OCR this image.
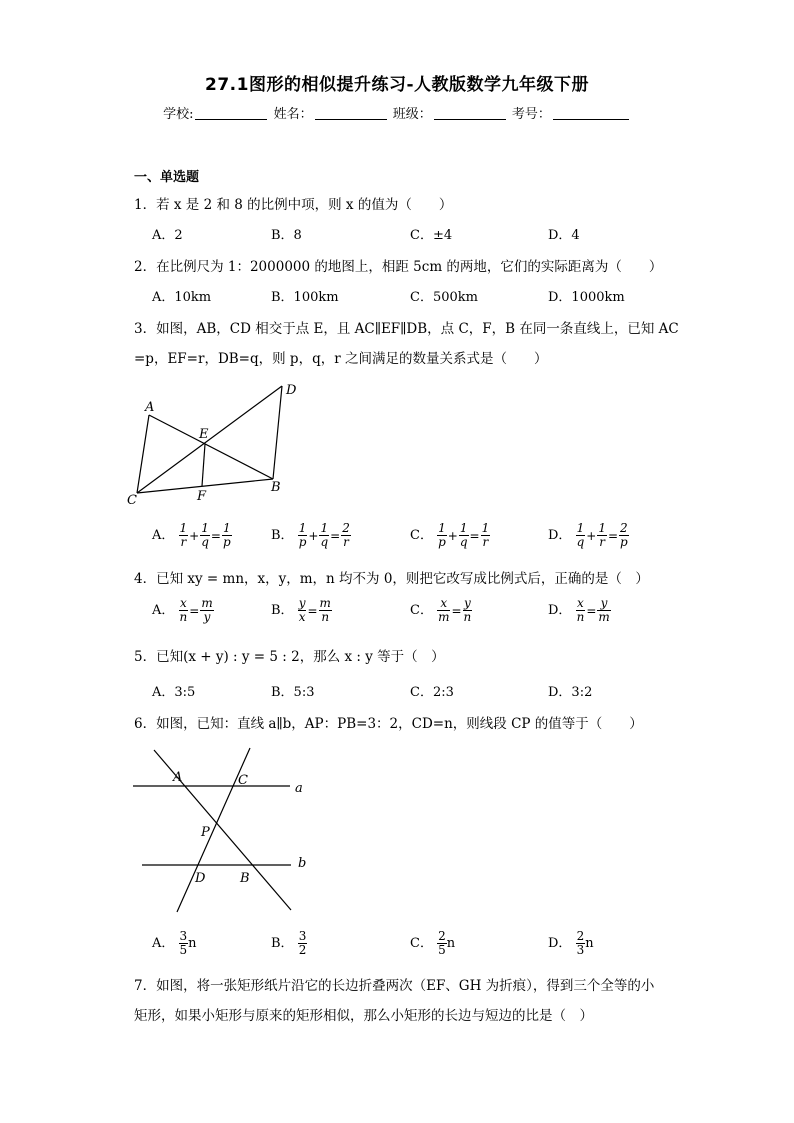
27.1图形的相似提升练习-人教版数学九年级下册
学校:	姓名：	班级：	考号：
一、单选题
1．若 x 是 2 和 8 的比例中项，则 x 的值为（　　）
A．2	B．8	C．±4	D．4
2．在比例尺为 1：2000000 的地图上，相距 5cm 的两地，它们的实际距离为（　　）
A．10km	B．100km	C．500km	D．1000km
3．如图，AB，CD 相交于点 E，且 AC∥EF∥DB，点 C，F，B 在同一条直线上，已知 AC
=p，EF=r，DB=q，则 p，q，r 之间满足的数量关系式是（　　）
A
C
D
B
E
F
A． $\frac{1}{r} + \frac{1}{q} = \frac{1}{p}$	B． $\frac{1}{p} + \frac{1}{q} = \frac{2}{r}$	C． $\frac{1}{p} + \frac{1}{q} = \frac{1}{r}$	D． $\frac{1}{q} + \frac{1}{r} = \frac{2}{p}$
4．已知 xy = mn，x，y，m，n 均不为 0，则把它改写成比例式后，正确的是（　）
A． $\frac{x}{n} = \frac{m}{y}$	B． $\frac{y}{x} = \frac{m}{n}$	C． $\frac{x}{m} = \frac{y}{n}$	D． $\frac{x}{n} = \frac{y}{m}$
5．已知(x + y) : y = 5 : 2，那么 x : y 等于（　）
A．3:5	B．5:3	C．2:3	D．3:2
6．如图，已知：直线 a∥b，AP：PB=3：2，CD=n，则线段 CP 的值等于（　　）
A	C
P
D	B
a
b
A． $\frac{3}{5}$ n	B． $\frac{3}{2}$	C． $\frac{2}{5}$ n	D． $\frac{2}{3}$ n
7．如图，将一张矩形纸片沿它的长边折叠两次（EF、GH 为折痕），得到三个全等的小
矩形，如果小矩形与原来的矩形相似，那么小矩形的长边与短边的比是（　）
